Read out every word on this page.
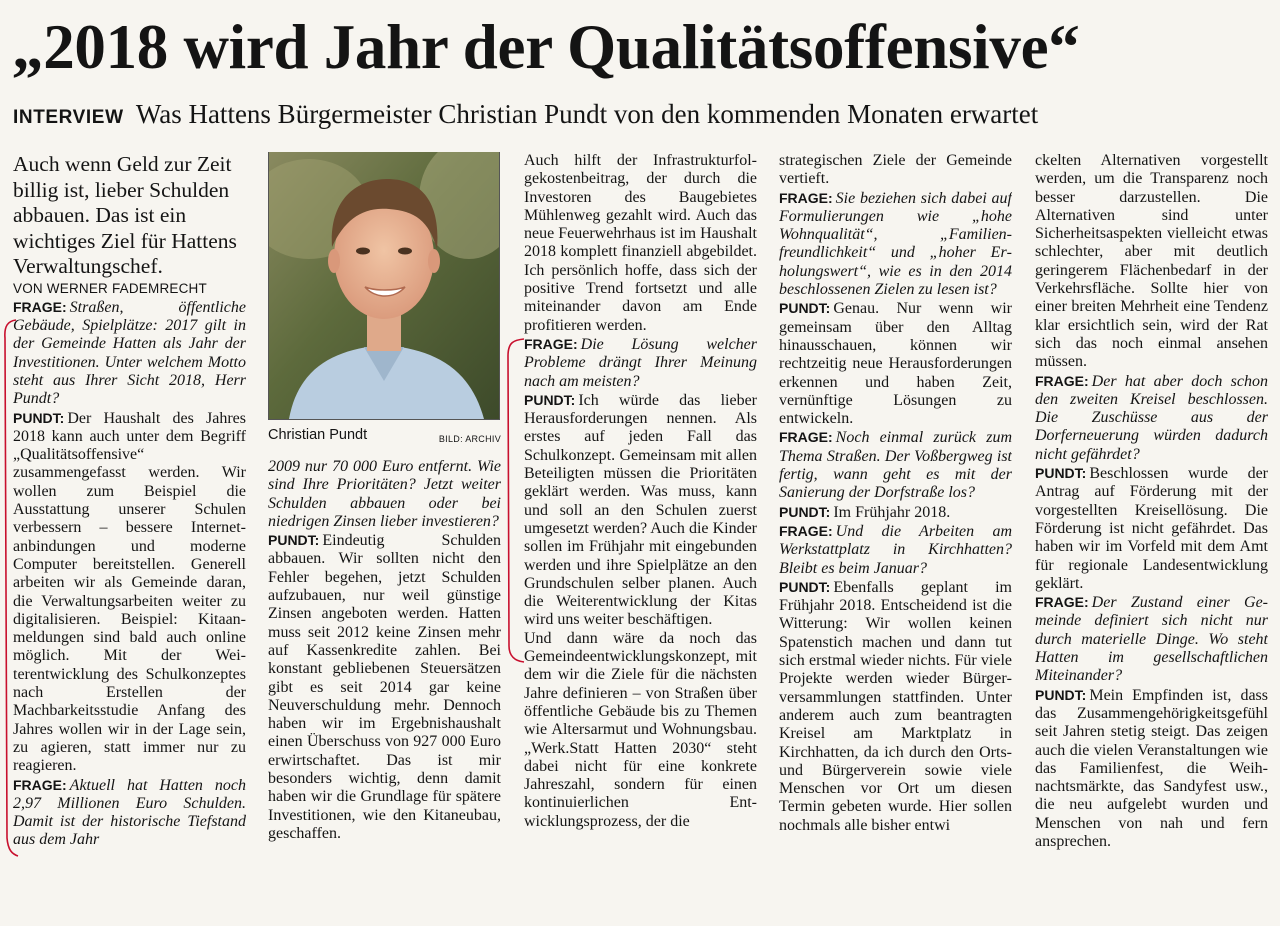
„2018 wird Jahr der Qualitätsoffensive“
INTERVIEW Was Hattens Bürgermeister Christian Pundt von den kommenden Monaten erwartet

Auch wenn Geld zur Zeit billig ist, lieber Schulden abbauen. Das ist ein wichtiges Ziel für Hattens Verwaltungschef.

VON WERNER FADEMRECHT

FRAGE: Straßen, öffentliche Gebäude, Spielplätze: 2017 gilt in der Gemeinde Hatten als Jahr der Investitionen. Unter welchem Motto steht aus Ihrer Sicht 2018, Herr Pundt?

PUNDT: Der Haushalt des Jahres 2018 kann auch unter dem Begriff „Qualitätsoffensive“ zusammengefasst werden. Wir wollen zum Beispiel die Ausstattung unserer Schulen verbessern – bessere Internetanbindungen und moderne Computer bereitstellen. Generell arbeiten wir als Gemeinde daran, die Verwaltungsarbeiten weiter zu digitalisieren. Beispiel: Kitaanmeldungen sind bald auch online möglich. Mit der Weiterentwicklung des Schulkonzeptes nach Erstellen der Machbarkeitsstudie Anfang des Jahres wollen wir in der Lage sein, zu agieren, statt immer nur zu reagieren.

FRAGE: Aktuell hat Hatten noch 2,97 Millionen Euro Schulden. Damit ist der historische Tiefstand aus dem Jahr

Christian Pundt	BILD: ARCHIV

2009 nur 70 000 Euro entfernt. Wie sind Ihre Prioritäten? Jetzt weiter Schulden abbauen oder bei niedrigen Zinsen lieber investieren?

PUNDT: Eindeutig Schulden abbauen. Wir sollten nicht den Fehler begehen, jetzt Schulden aufzubauen, nur weil günstige Zinsen angeboten werden. Hatten muss seit 2012 keine Zinsen mehr auf Kassenkredite zahlen. Bei konstant gebliebenen Steuersätzen gibt es seit 2014 gar keine Neuverschuldung mehr. Dennoch haben wir im Ergebnishaushalt einen Überschuss von 927 000 Euro erwirtschaftet. Das ist mir besonders wichtig, denn damit haben wir die Grundlage für spätere Investitionen, wie den Kitaneubau, geschaffen.

Auch hilft der Infrastrukturfolgekostenbeitrag, der durch die Investoren des Baugebietes Mühlenweg gezahlt wird. Auch das neue Feuerwehrhaus ist im Haushalt 2018 komplett finanziell abgebildet. Ich persönlich hoffe, dass sich der positive Trend fortsetzt und alle miteinander davon am Ende profitieren werden.

FRAGE: Die Lösung welcher Probleme drängt Ihrer Meinung nach am meisten?

PUNDT: Ich würde das lieber Herausforderungen nennen. Als erstes auf jeden Fall das Schulkonzept. Gemeinsam mit allen Beteiligten müssen die Prioritäten geklärt werden. Was muss, kann und soll an den Schulen zuerst umgesetzt werden? Auch die Kinder sollen im Frühjahr mit eingebunden werden und ihre Spielplätze an den Grundschulen selber planen. Auch die Weiterentwicklung der Kitas wird uns weiter beschäftigen.

Und dann wäre da noch das Gemeindeentwicklungskonzept, mit dem wir die Ziele für die nächsten Jahre definieren – von Straßen über öffentliche Gebäude bis zu Themen wie Altersarmut und Wohnungsbau. „Werk.Statt Hatten 2030“ steht dabei nicht für eine konkrete Jahreszahl, sondern für einen kontinuierlichen Entwicklungsprozess, der die

strategischen Ziele der Gemeinde vertieft.

FRAGE: Sie beziehen sich dabei auf Formulierungen wie „hohe Wohnqualität“, „Familienfreundlichkeit“ und „hoher Erholungswert“, wie es in den 2014 beschlossenen Zielen zu lesen ist?

PUNDT: Genau. Nur wenn wir gemeinsam über den Alltag hinausschauen, können wir rechtzeitig neue Herausforderungen erkennen und haben Zeit, vernünftige Lösungen zu entwickeln.

FRAGE: Noch einmal zurück zum Thema Straßen. Der Voßbergweg ist fertig, wann geht es mit der Sanierung der Dorfstraße los?

PUNDT: Im Frühjahr 2018.

FRAGE: Und die Arbeiten am Werkstattplatz in Kirchhatten? Bleibt es beim Januar?

PUNDT: Ebenfalls geplant im Frühjahr 2018. Entscheidend ist die Witterung: Wir wollen keinen Spatenstich machen und dann tut sich erstmal wieder nichts. Für viele Projekte werden wieder Bürgerversammlungen stattfinden. Unter anderem auch zum beantragten Kreisel am Marktplatz in Kirchhatten, da ich durch den Orts- und Bürgerverein sowie viele Menschen vor Ort um diesen Termin gebeten wurde. Hier sollen nochmals alle bisher entwi

ckelten Alternativen vorgestellt werden, um die Transparenz noch besser darzustellen. Die Alternativen sind unter Sicherheitsaspekten vielleicht etwas schlechter, aber mit deutlich geringerem Flächenbedarf in der Verkehrsfläche. Sollte hier von einer breiten Mehrheit eine Tendenz klar ersichtlich sein, wird der Rat sich das noch einmal ansehen müssen.

FRAGE: Der hat aber doch schon den zweiten Kreisel beschlossen. Die Zuschüsse aus der Dorferneuerung würden dadurch nicht gefährdet?

PUNDT: Beschlossen wurde der Antrag auf Förderung mit der vorgestellten Kreisellösung. Die Förderung ist nicht gefährdet. Das haben wir im Vorfeld mit dem Amt für regionale Landesentwicklung geklärt.

FRAGE: Der Zustand einer Gemeinde definiert sich nicht nur durch materielle Dinge. Wo steht Hatten im gesellschaftlichen Miteinander?

PUNDT: Mein Empfinden ist, dass das Zusammengehörigkeitsgefühl seit Jahren stetig steigt. Das zeigen auch die vielen Veranstaltungen wie das Familienfest, die Weihnachtsmärkte, das Sandyfest usw., die neu aufgelebt wurden und Menschen von nah und fern ansprechen.
